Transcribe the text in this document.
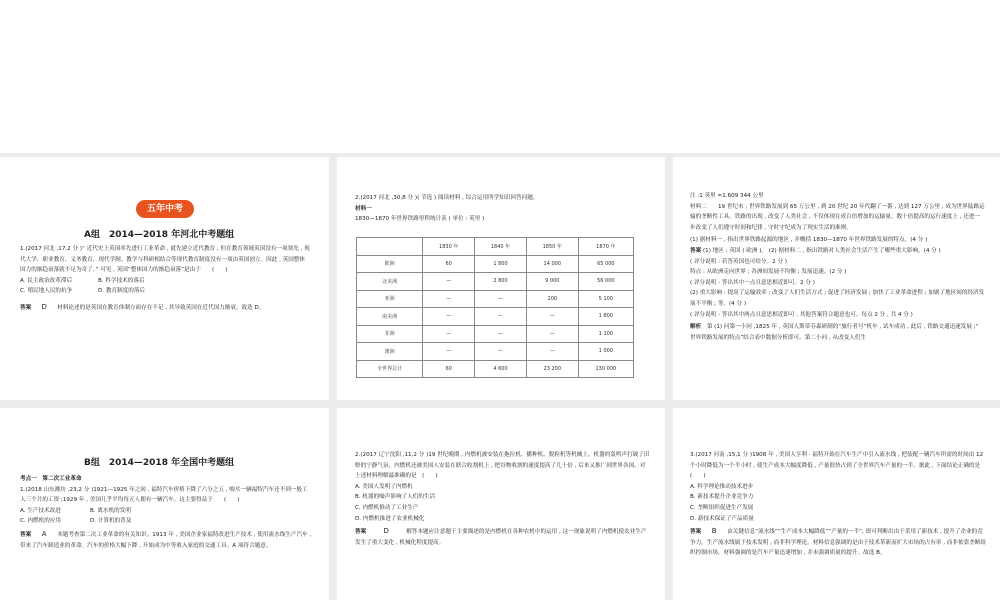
五年中考
A组　2014—2018 年河北中考题组

1.(2017 河北 ,17,2 分 )“ 近代史上英国率先进行工业革命 , 就先建立近代教育 , 但在教育领域英国没有一项领先 , 现代大学、职业教育、义务教育、现代学制、教学与科研相结合等现代教育制度没有一项由英国创立。因此 , 英国整体国力的渐趋衰落就不足为奇了。” 可见 , 英国“整体国力的渐趋衰落”是由于　　(　　)

A. 民主政治改革滞后	B. 科学技术的落后
C. 殖民地人民的抗争	D. 教育制度的落后

答案 D 材料论述的是英国在教育体制方面存在不足 , 其导致英国在近代国力渐衰。故选 D。

2.(2017 河北 ,30,8 分 )( 节选 ) 阅读材料 , 综合运用所学知识回答问题。

材料一

1830—1870 年世界铁路里程统计表 ( 单位 : 英里 )

	1830 年	1840 年	1850 年	1870 年
欧洲	60	1 800	14 000	65 000
北美洲	—	2 800	9 000	56 000
亚洲	—	—	200	5 100
南美洲	—	—	—	1 800
非洲	—	—	—	1 100
澳洲	—	—	—	1 000
全世界总计	60	4 600	23 200	130 000

注 :1 英里 ≈1.609 344 公里

材料二　　19 世纪末 , 世界铁路发展到 65 万公里 , 到 20 世纪 20 年代翻了一番 , 达到 127 万公里 , 成为世界陆路运输的垄断性工具。铁路的出现 , 改变了人类社会 , 不仅体现在成百倍增加的运输量、数十倍提高的运行速度上 , 还进一步改变了人们遵守时间和纪律 , 守时守纪成为了现实生活的准则。

(1) 据材料一 , 指出世界铁路起源的地区 , 并概括 1830—1870 年世界铁路发展的特点。(4 分 )

答案 (1) 地区 : 英国 ( 欧洲 )。 (2) 据材料二 , 指出铁路对人类社会生活产生了哪些重大影响。(4 分 )

( 评分说明 : 若答英国也可给分。2 分 )

特点 : 从欧洲走向世界 ; 各洲间发展不均衡 ; 发展迅速。(2 分 )

( 评分说明 : 答出其中一点且意思相近即可。2 分 )

(2) 重大影响 : 提高了运输效率 ; 改变了人们生活方式 ; 促进了经济发展 ; 加快了工业革命进程 ; 加剧了地区间的经济发展不平衡 ; 等。(4 分 )

( 评分说明 : 答出其中两点且意思相近即可 , 其他答案符合题意也可。每点 2 分 , 共 4 分 )

解析　 第 (1) 问第一小问 ,1825 年 , 英国人斯蒂芬森研制的“旅行者号”机车 , 试车成功 , 此后 , 铁路交通迅速发展 ;“ 世界铁路发展的特点”结合表中数据分析即可。第二小问 , 从改变人们生

B组　2014—2018 年全国中考题组

考点一　第二次工业革命

1.(2018 山东潍坊 ,23,2 分 )1921—1925 年之间 , 福特汽车价格下降了六分之五 , 购买一辆福特汽车还不到一般工人三个月的工资 ;1929 年 , 美国几乎平均每五人拥有一辆汽车。这主要得益于　　(　　)

A. 生产技术改进	B. 离水机的发明
C. 内燃机的应用	D. 计算机的普及

答案 A 本题考查第二次工业革命的有关知识。1913 年 , 美国企业家福特改进生产技术 , 使用流水线生产汽车 , 带来了汽车制造业的革命。汽车的价格大幅下降 , 开始成为中等收入家庭的交通工具。A 项符合题意。

2.(2017 辽宁沈阳 ,11,2 分 )19 世纪晚期 , 内燃机被安装在拖拉机、播种机、脱粒机等机械上。机器的轰鸣声打破了田野的宁静气氛。内燃机还被美国人安装在联合收割机上 , 把谷物收割的速度提高了几十倍 , 后来又推广到世界各国。对上述材料理解最准确的是　(　　)

A. 美国人发明了内燃机

B. 机器的噪声影响了人们的生活

C. 内燃机推动了工业生产

D. 内燃机推进了农业机械化

答案 D	解答本题应注意题干主要描述的是内燃机在各种农机中的运用 , 这一现象说明了内燃机使农业生产发生了重大变化 , 机械化程度提高。

3.(2017 河南 ,15,1 分 )1908 年 , 美国人亨利 · 福特开始在汽车生产中引入流水线 , 把装配一辆汽车所需的时间由 12 个小时降低为一个半小时 , 使生产成本大幅度降低 , 产量很快占到了全世界汽车产量的一半。据此 , 下面结论正确的是　(　　)

A. 科学理论推动技术进步

B. 新技术提升企业竞争力

C. 垄断组织促进生产发展

D. 新技术保证了产品质量

答案 B 由关键信息“流水线”“生产成本大幅降低”“产量的一半”, 即可判断出由于采用了新技术 , 提升了企业的竞争力。生产流水线属于技术发明 , 而非科学理论。材料信息强调的是由于技术革新而扩大市场的占有率 , 而非依靠垄断组织控制市场。材料强调的是汽车产量迅速增加 , 并未强调质量的提升。故选 B。
